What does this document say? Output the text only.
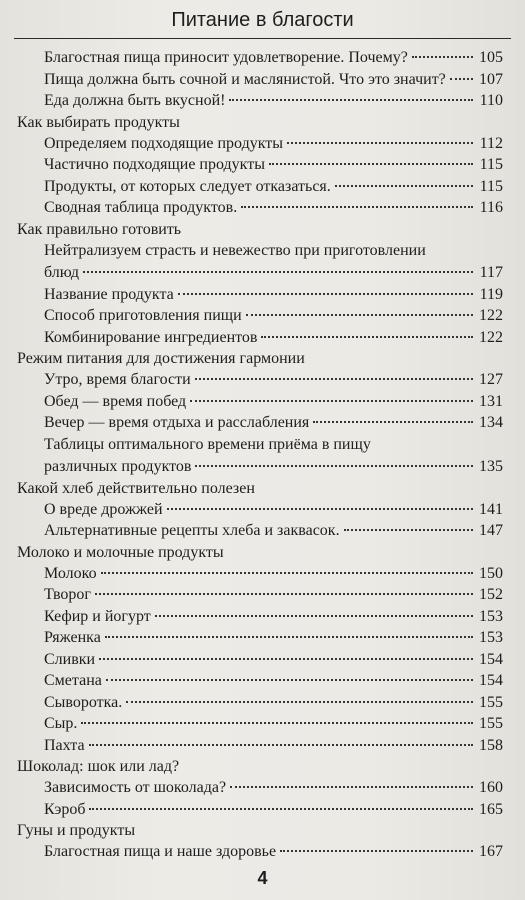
Питание в благости
Благостная пища приносит удовлетворение. Почему?	105
Пища должна быть сочной и маслянистой. Что это значит? 107
Еда должна быть вкусной!	110
Как выбирать продукты
Определяем подходящие продукты	112
Частично подходящие продукты	115
Продукты, от которых следует отказаться.	115
Сводная таблица продуктов.	116
Как правильно готовить
Нейтрализуем страсть и невежество при приготовлении
блюд	117
Название продукта	119
Способ приготовления пищи	122
Комбинирование ингредиентов	122
Режим питания для достижения гармонии
Утро, время благости	127
Обед — время побед	131
Вечер — время отдыха и расслабления	134
Таблицы оптимального времени приёма в пищу
различных продуктов	135
Какой хлеб действительно полезен
О вреде дрожжей	141
Альтернативные рецепты хлеба и заквасок.	147
Молоко и молочные продукты
Молоко	150
Творог	152
Кефир и йогурт	153
Ряженка	153
Сливки	154
Сметана	154
Сыворотка.	155
Сыр.	155
Пахта	158
Шоколад: шок или лад?
Зависимость от шоколада?	160
Кэроб	165
Гуны и продукты
Благостная пища и наше здоровье	167
4
